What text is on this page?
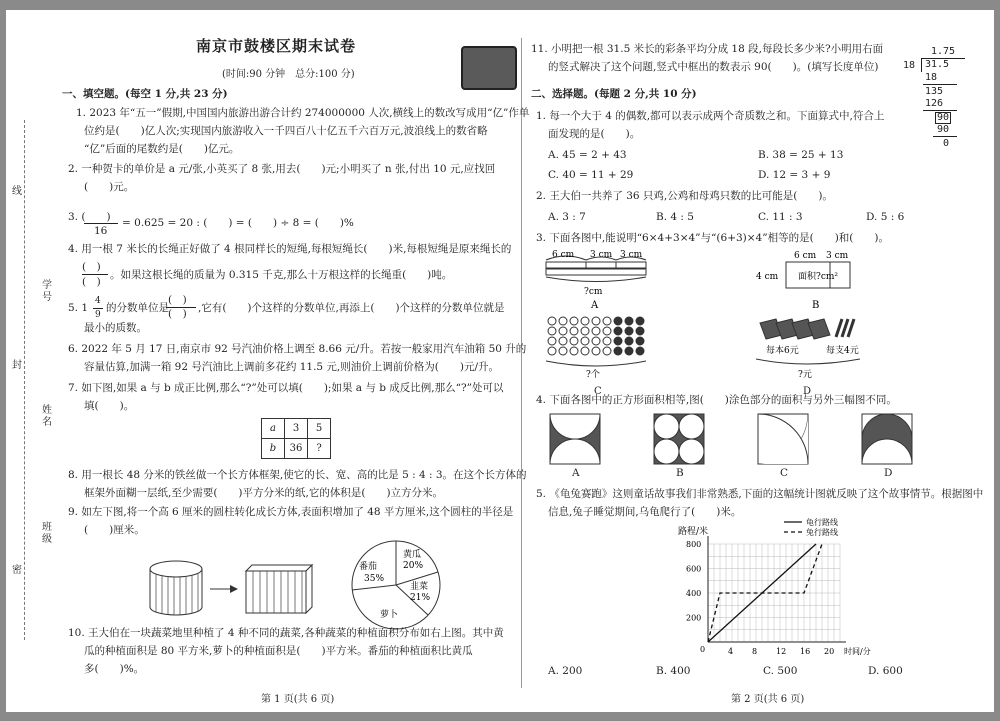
线
学号
封
姓名
班级
密
南京市鼓楼区期末试卷
(时间:90 分钟　总分:100 分)
一、填空题。(每空 1 分,共 23 分)
1. 2023 年“五一”假期,中国国内旅游出游合计约 274000000 人次,横线上的数改写成用“亿”作单
位约是(　　)亿人次;实现国内旅游收入一千四百八十亿五千六百万元,波浪线上的数省略
“亿”后面的尾数约是(　　)亿元。
2. 一种贺卡的单价是 a 元/张,小英买了 8 张,用去(　　)元;小明买了 n 张,付出 10 元,应找回
(　　)元。
3. (　　)
16
= 0.625 = 20 : (　　) = (　　) ÷ 8 = (　　)%
4. 用一根 7 米长的长绳正好做了 4 根同样长的短绳,每根短绳长(　　)米,每根短绳是原来绳长的
(　)
(　)
。如果这根长绳的质量为 0.315 千克,那么十万根这样的长绳重(　　)吨。
5. 1
4
9
的分数单位是
(　)
(　) ,它有(　　)个这样的分数单位,再添上(　　)个这样的分数单位就是
最小的质数。
6. 2022 年 5 月 17 日,南京市 92 号汽油价格上调至 8.66 元/升。若按一般家用汽车油箱 50 升的
容量估算,加满一箱 92 号汽油比上调前多花约 11.5 元,则油价上调前价格为(　　)元/升。
7. 如下图,如果 a 与 b 成正比例,那么“?”处可以填(　　);如果 a 与 b 成反比例,那么“?”处可以
填(　　)。
a	3	5
b	36	?
8. 用一根长 48 分米的铁丝做一个长方体框架,使它的长、宽、高的比是 5 : 4 : 3。在这个长方体的
框架外面糊一层纸,至少需要(　　)平方分米的纸,它的体积是(　　)立方分米。
9. 如左下图,将一个高 6 厘米的圆柱转化成长方体,表面积增加了 48 平方厘米,这个圆柱的半径是
(　　)厘米。
番茄
35%
黄瓜
20%
韭菜
21%
萝卜
10. 王大伯在一块蔬菜地里种植了 4 种不同的蔬菜,各种蔬菜的种植面积分布如右上图。其中黄
瓜的种植面积是 80 平方米,萝卜的种植面积是(　　)平方米。番茄的种植面积比黄瓜
多(　　)%。
第 1 页(共 6 页)
11. 小明把一根 31.5 米长的彩条平均分成 18 段,每段长多少米?小明用右面
的竖式解决了这个问题,竖式中框出的数表示 90(　　)。(填写长度单位)
1.75
18 31.5
18
135
126
90
90
0
二、选择题。(每题 2 分,共 10 分)
1. 每一个大于 4 的偶数,都可以表示成两个奇质数之和。下面算式中,符合上
面发现的是(　　)。
A. 45 = 2 + 43	B. 38 = 25 + 13
C. 40 = 11 + 29	D. 12 = 3 + 9
2. 王大伯一共养了 36 只鸡,公鸡和母鸡只数的比可能是(　　)。
A. 3 : 7	B. 4 : 5	C. 11 : 3	D. 5 : 6
3. 下面各图中,能说明“6×4+3×4”与“(6+3)×4”相等的是(　　)和(　　)。
6 cm 3 cm 3 cm
?cm
A
6 cm 3 cm
4 cm 面积?cm²
B
?个
C
每本6元	每支4元
?元
D
4. 下面各图中的正方形面积相等,图(　　)涂色部分的面积与另外三幅图不同。
A	B	C	D
5. 《龟兔赛跑》这则童话故事我们非常熟悉,下面的这幅统计图就反映了这个故事情节。根据图中
信息,兔子睡觉期间,乌龟爬行了(　　)米。
路程/米
时间/分
0	4 8 12 16 20
200
400
600
800
龟行路线
兔行路线
A. 200	B. 400	C. 500	D. 600
第 2 页(共 6 页)
